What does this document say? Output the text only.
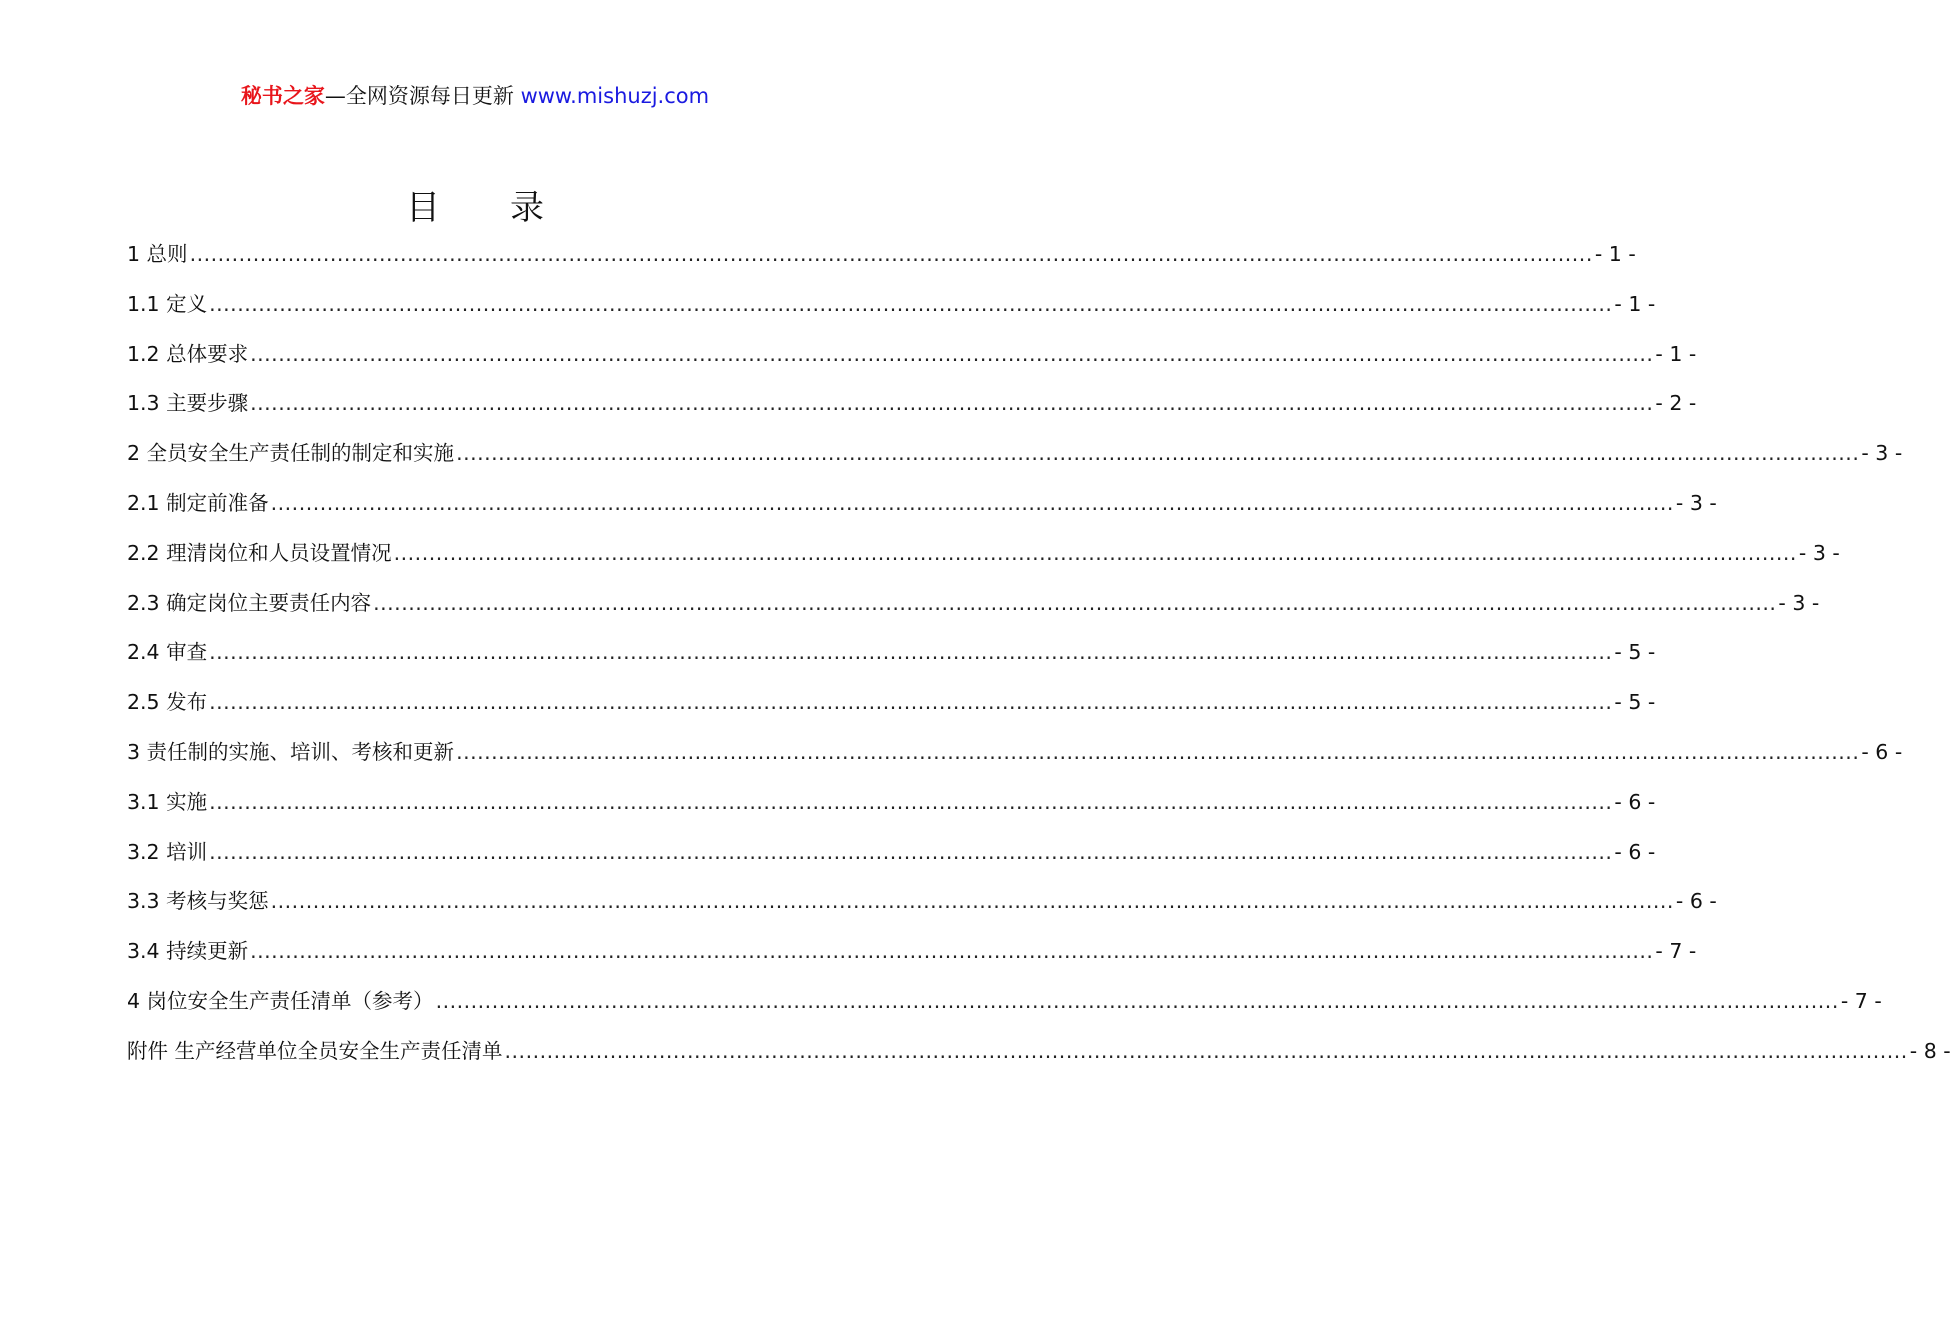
秘书之家—全网资源每日更新 www.mishuzj.com
目 录
1 总则 ........................................................................................................................................................................................................ - 1 -
1.1 定义 ........................................................................................................................................................................................................ - 1 -
1.2 总体要求 ........................................................................................................................................................................................................ - 1 -
1.3 主要步骤 ........................................................................................................................................................................................................ - 2 -
2 全员安全生产责任制的制定和实施 ........................................................................................................................................................................................................ - 3 -
2.1 制定前准备 ........................................................................................................................................................................................................ - 3 -
2.2 理清岗位和人员设置情况 ........................................................................................................................................................................................................ - 3 -
2.3 确定岗位主要责任内容 ........................................................................................................................................................................................................ - 3 -
2.4 审查 ........................................................................................................................................................................................................ - 5 -
2.5 发布 ........................................................................................................................................................................................................ - 5 -
3 责任制的实施、培训、考核和更新 ........................................................................................................................................................................................................ - 6 -
3.1 实施 ........................................................................................................................................................................................................ - 6 -
3.2 培训 ........................................................................................................................................................................................................ - 6 -
3.3 考核与奖惩 ........................................................................................................................................................................................................ - 6 -
3.4 持续更新 ........................................................................................................................................................................................................ - 7 -
4 岗位安全生产责任清单（参考） ........................................................................................................................................................................................................ - 7 -
附件 生产经营单位全员安全生产责任清单 ........................................................................................................................................................................................................ - 8 -
